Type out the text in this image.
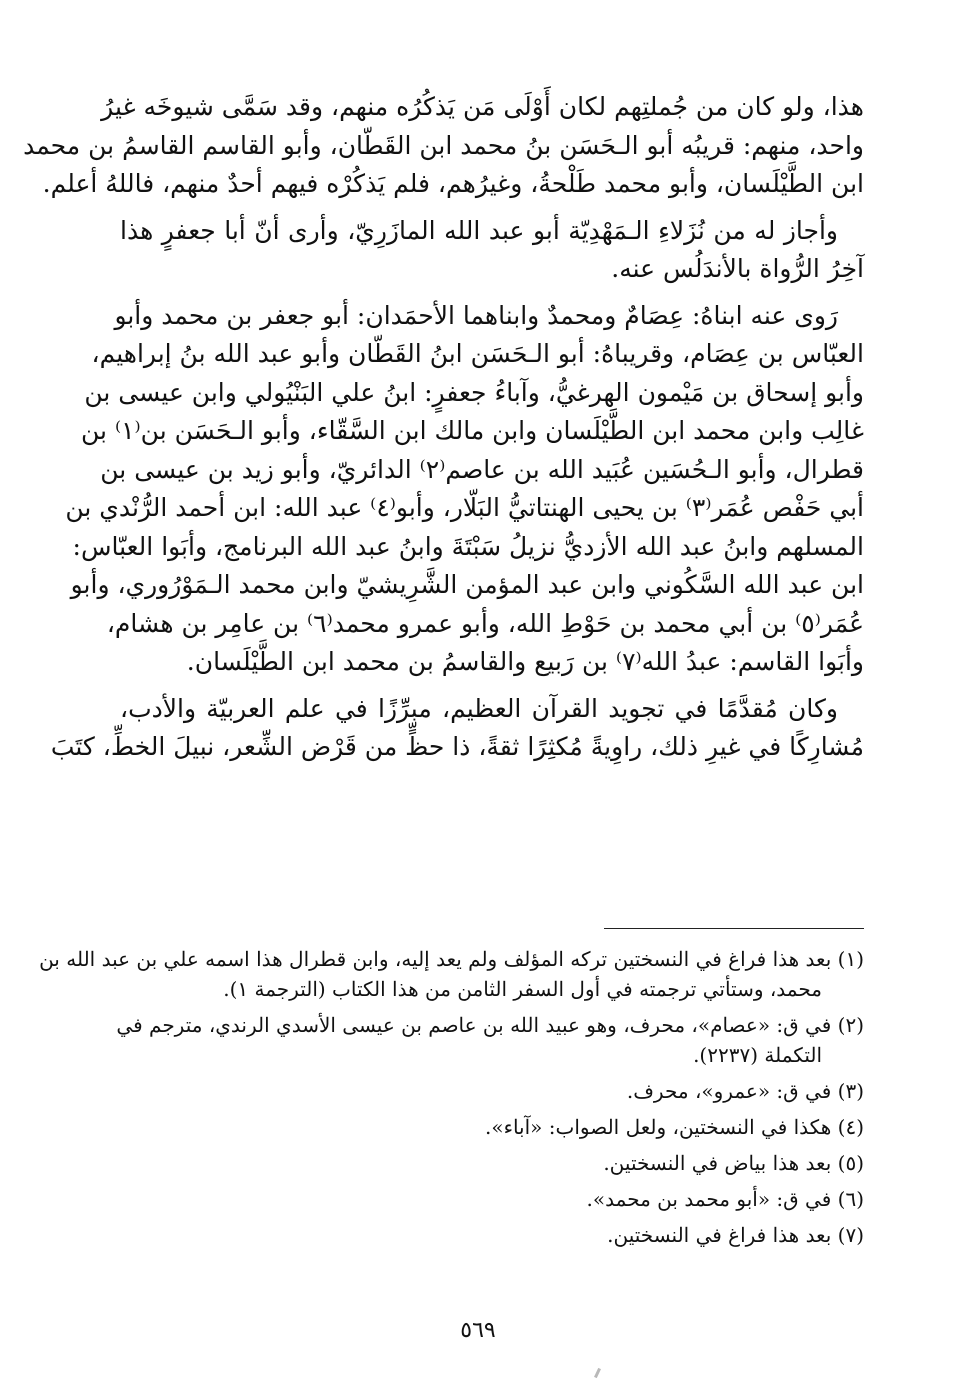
هذا، ولو كان من جُملتِهم لكان أَوْلَى مَن يَذكُرُه منهم، وقد سَمَّى شيوخَه غيرُ
واحد، منهم: قريبُه أبو الـحَسَن بنُ محمد ابن القَطّان، وأبو القاسم القاسمُ بن محمد
ابن الطَّيْلَسان، وأبو محمد طَلْحةُ، وغيرُهم، فلم يَذكُرْه فيهم أحدٌ منهم، فاللهُ أعلم.
وأجاز له من نُزَلاءِ الـمَهْدِيّة أبو عبد الله المازَرِيّ، وأرى أنّ أبا جعفرٍ هذا
آخِرُ الرُّواة بالأندَلُس عنه.
رَوى عنه ابناهُ: عِصَامٌ ومحمدٌ وابناهما الأحمَدان: أبو جعفر بن محمد وأبو
العبّاس بن عِصَام، وقريباهُ: أبو الـحَسَن ابنُ القَطّان وأبو عبد الله بنُ إبراهيم،
وأبو إسحاق بن مَيْمون الهرغيُّ، وآباءُ جعفرٍ: ابنُ علي البَنْيُولي وابن عيسى بن
غالِب وابن محمد ابن الطَّيْلَسان وابن مالك ابن السَّقّاء، وأبو الـحَسَن بن⁽١⁾ بن
قطرال، وأبو الـحُسَين عُبَيد الله بن عاصم⁽٢⁾ الدائريّ، وأبو زيد بن عيسى بن
أبي حَفْص عُمَر⁽٣⁾ بن يحيى الهنتاتيُّ البَلّار، وأبو⁽٤⁾ عبد الله: ابن أحمد الرُّنْدي بن
المسلهم وابنُ عبد الله الأزديُّ نزيلُ سَبْتَةَ وابنُ عبد الله البرنامج، وأبَوا العبّاس:
ابن عبد الله السَّكُوني وابن عبد المؤمن الشَّرِيشيّ وابن محمد الـمَوْرُوري، وأبو
عُمَر⁽٥⁾ بن أبي محمد بن حَوْطِ الله، وأبو عمرو محمد⁽٦⁾ بن عامِر بن هشام،
وأبَوا القاسم: عبدُ الله⁽٧⁾ بن رَبيع والقاسمُ بن محمد ابن الطَّيْلَسان.
وكان مُقدَّمًا في تجويد القرآن العظيم، مبرِّزًا في علم العربيّة والأدب،
مُشارِكًا في غيرِ ذلك، راوِيةً مُكثِرًا ثقةً، ذا حظٍّ من قَرْض الشِّعر، نبيلَ الخطِّ، كتَبَ
(١) بعد هذا فراغ في النسختين تركه المؤلف ولم يعد إليه، وابن قطرال هذا اسمه علي بن عبد الله بن
محمد، وستأتي ترجمته في أول السفر الثامن من هذا الكتاب (الترجمة ١).
(٢) في ق: «عصام»، محرف، وهو عبيد الله بن عاصم بن عيسى الأسدي الرندي، مترجم في
التكملة (٢٢٣٧).
(٣) في ق: «عمرو»، محرف.
(٤) هكذا في النسختين، ولعل الصواب: «آباء».
(٥) بعد هذا بياض في النسختين.
(٦) في ق: «أبو محمد بن محمد».
(٧) بعد هذا فراغ في النسختين.
٥٦٩
